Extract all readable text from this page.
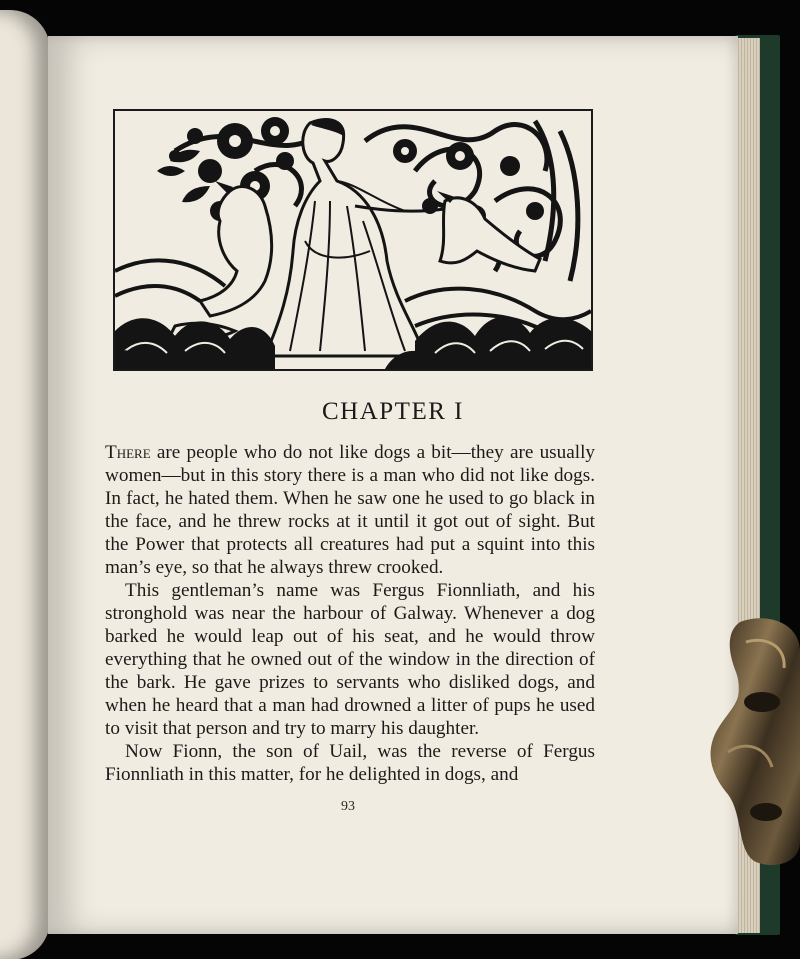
CHAPTER I

There are people who do not like dogs a bit—they are usually women—but in this story there is a man who did not like dogs. In fact, he hated them. When he saw one he used to go black in the face, and he threw rocks at it until it got out of sight. But the Power that protects all creatures had put a squint into this man’s eye, so that he always threw crooked.

This gentleman’s name was Fergus Fionnliath, and his stronghold was near the harbour of Galway. Whenever a dog barked he would leap out of his seat, and he would throw everything that he owned out of the window in the direction of the bark. He gave prizes to servants who disliked dogs, and when he heard that a man had drowned a litter of pups he used to visit that person and try to marry his daughter.

Now Fionn, the son of Uail, was the reverse of Fergus Fionnliath in this matter, for he delighted in dogs, and

93
